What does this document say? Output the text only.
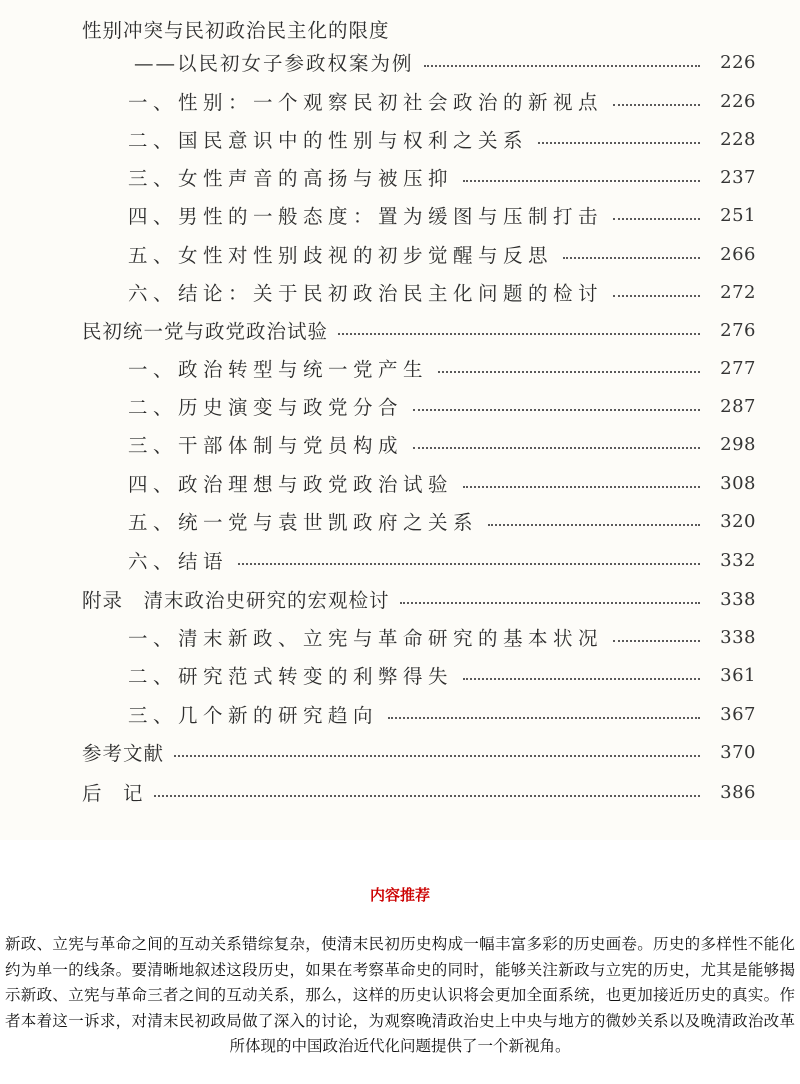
性别冲突与民初政治民主化的限度
——以民初女子参政权案为例	226
一、性别：一个观察民初社会政治的新视点	226
二、国民意识中的性别与权利之关系	228
三、女性声音的高扬与被压抑	237
四、男性的一般态度：置为缓图与压制打击	251
五、女性对性别歧视的初步觉醒与反思	266
六、结论：关于民初政治民主化问题的检讨	272
民初统一党与政党政治试验	276
一、政治转型与统一党产生	277
二、历史演变与政党分合	287
三、干部体制与党员构成	298
四、政治理想与政党政治试验	308
五、统一党与袁世凯政府之关系	320
六、结语	332
附录　清末政治史研究的宏观检讨	338
一、清末新政、立宪与革命研究的基本状况	338
二、研究范式转变的利弊得失	361
三、几个新的研究趋向	367
参考文献	370
后　记	386
内容推荐
新政、立宪与革命之间的互动关系错综复杂，使清末民初历史构成一幅丰富多彩的历史画卷。历史的多样性不能化约为单一的线条。要清晰地叙述这段历史，如果在考察革命史的同时，能够关注新政与立宪的历史，尤其是能够揭示新政、立宪与革命三者之间的互动关系，那么，这样的历史认识将会更加全面系统，也更加接近历史的真实。作者本着这一诉求，对清末民初政局做了深入的讨论，为观察晚清政治史上中央与地方的微妙关系以及晚清政治改革所体现的中国政治近代化问题提供了一个新视角。
